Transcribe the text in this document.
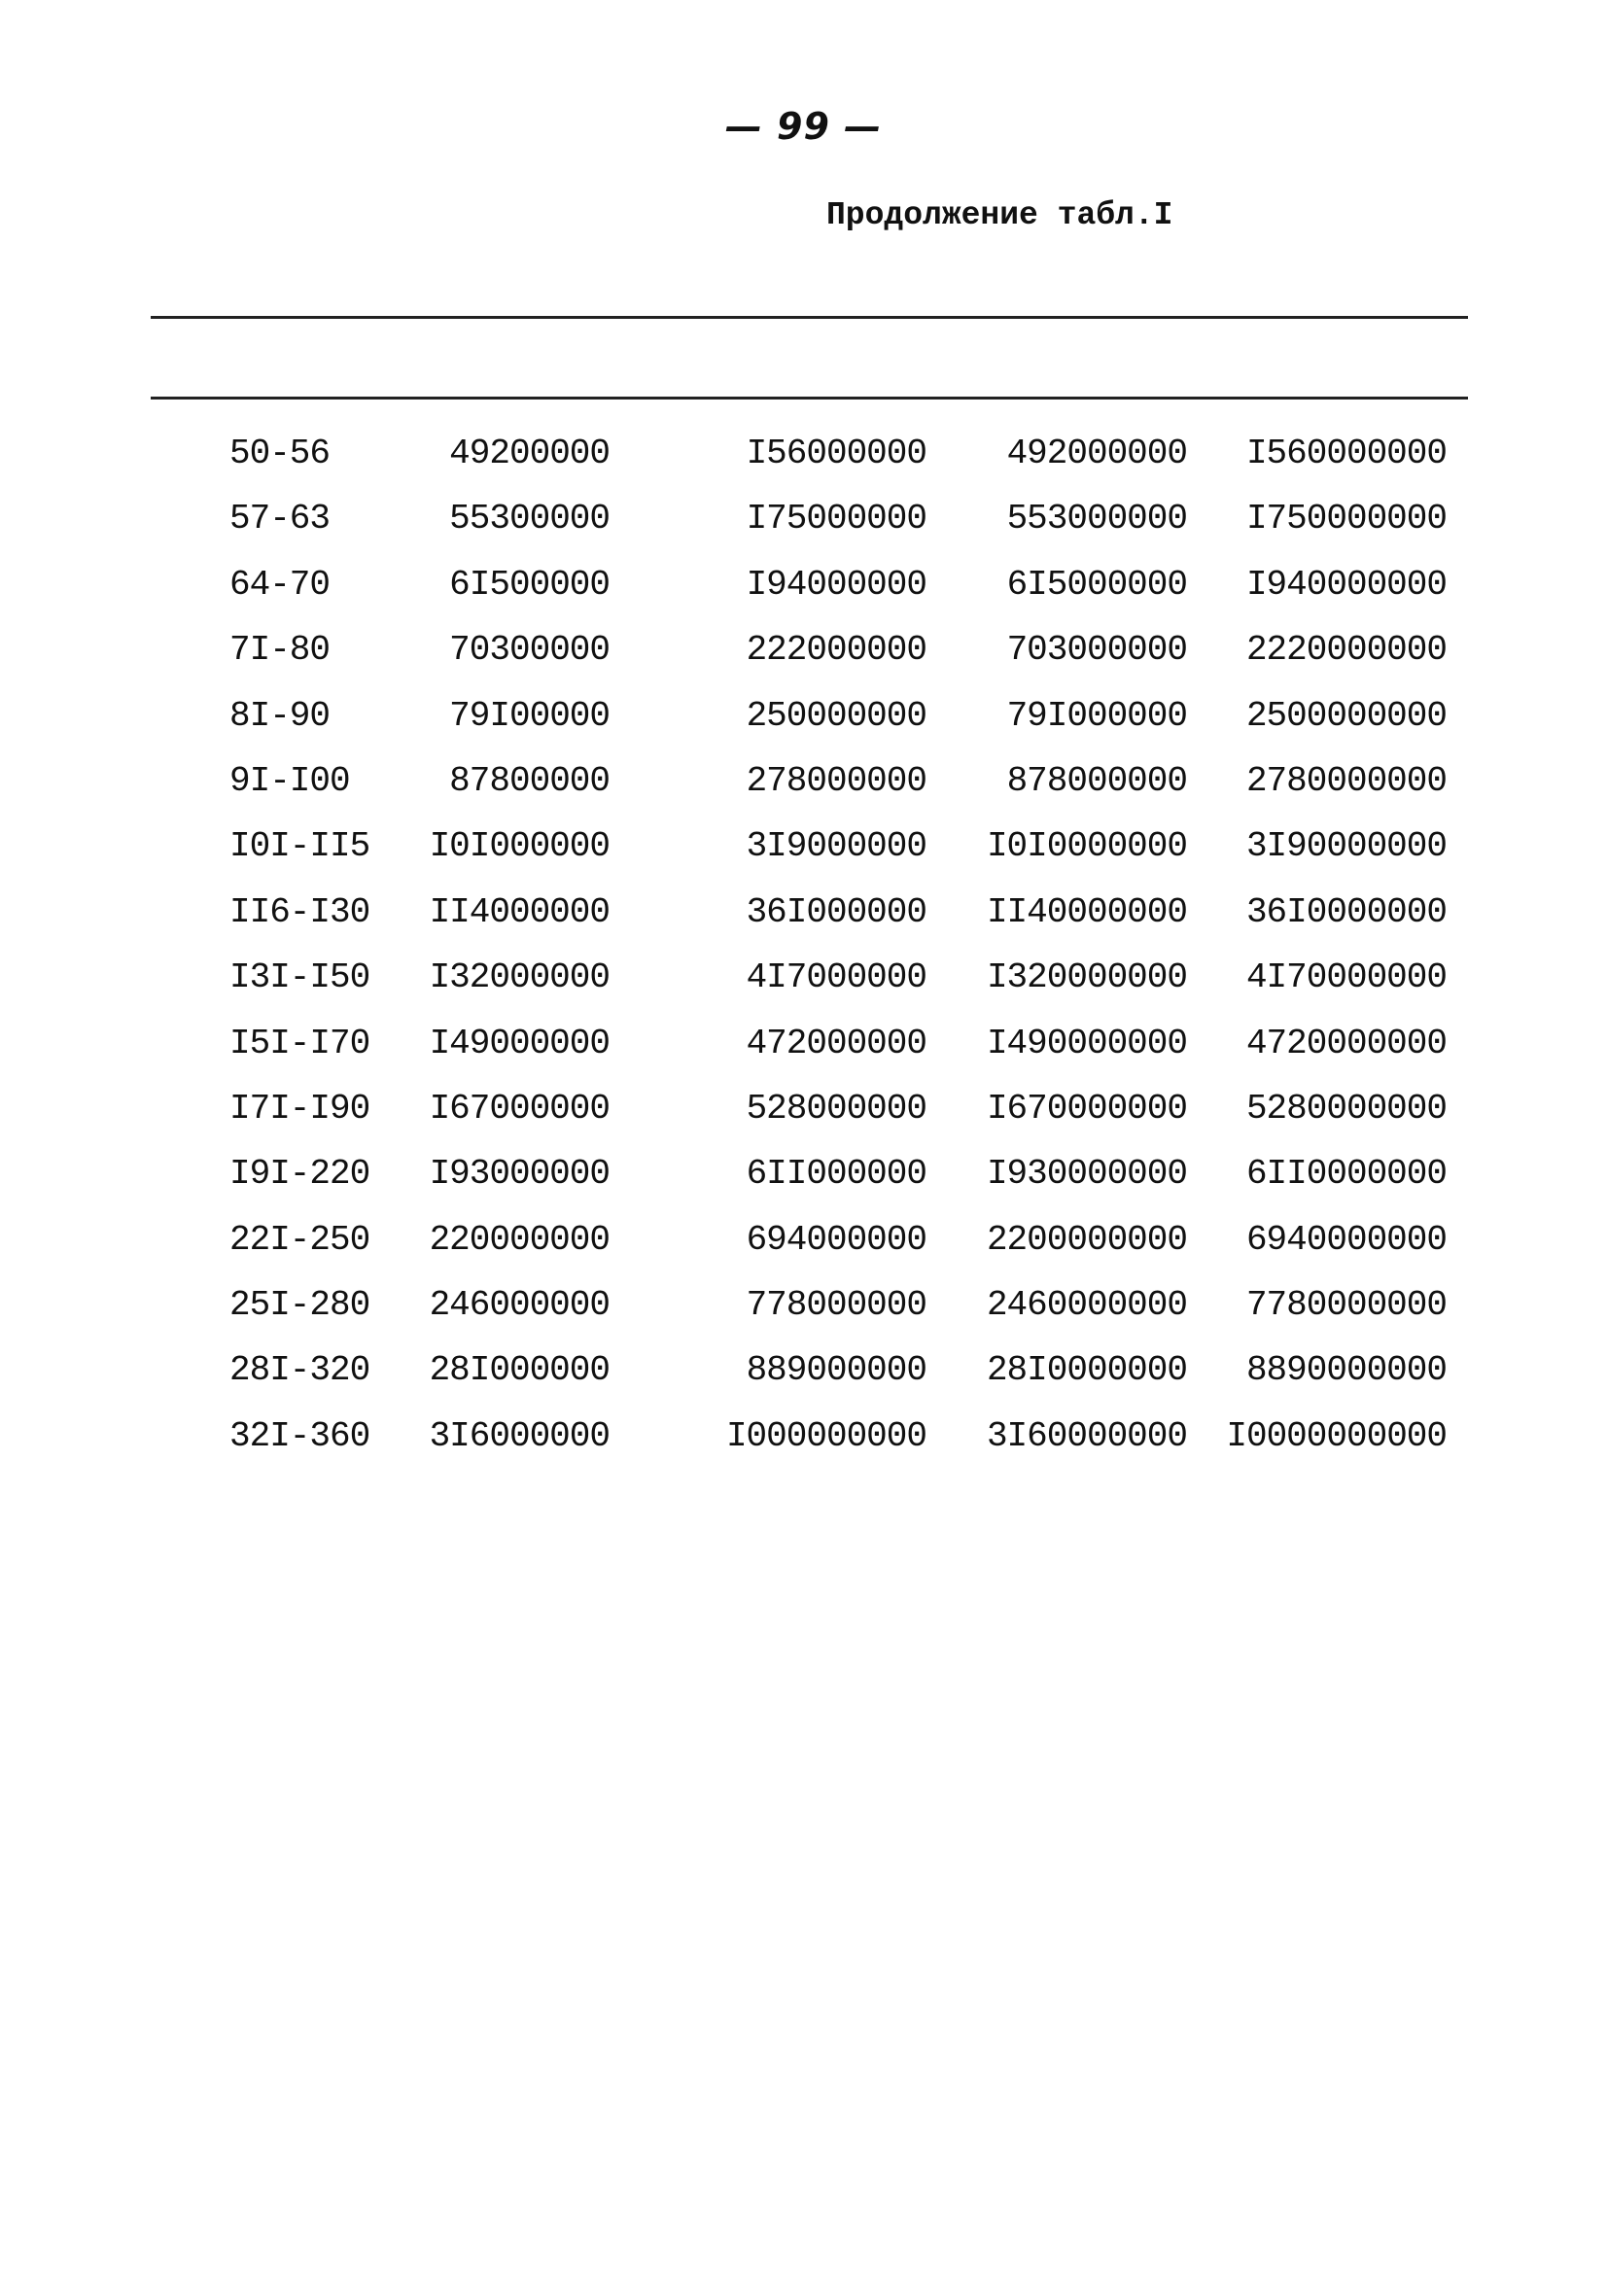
— 99 —
Продолжение табл.I
50-56	49200000	I56000000 492000000 I560000000
57-63	55300000	I75000000 553000000 I750000000
64-70	6I500000	I94000000 6I5000000 I940000000
7I-80	70300000	222000000 703000000 2220000000
8I-90	79I00000	250000000 79I000000 2500000000
9I-I00	87800000	278000000 878000000 2780000000
I0I-II5 I0I000000	3I9000000 I0I0000000 3I90000000
II6-I30 II4000000	36I000000 II40000000 36I0000000
I3I-I50 I32000000	4I7000000 I320000000 4I70000000
I5I-I70 I49000000	472000000 I490000000 4720000000
I7I-I90 I67000000	528000000 I670000000 5280000000
I9I-220 I93000000	6II000000 I930000000 6II0000000
22I-250 220000000	694000000 2200000000 6940000000
25I-280 246000000	778000000 2460000000 7780000000
28I-320 28I000000	889000000 28I0000000 8890000000
32I-360 3I6000000	I000000000 3I60000000 I0000000000
